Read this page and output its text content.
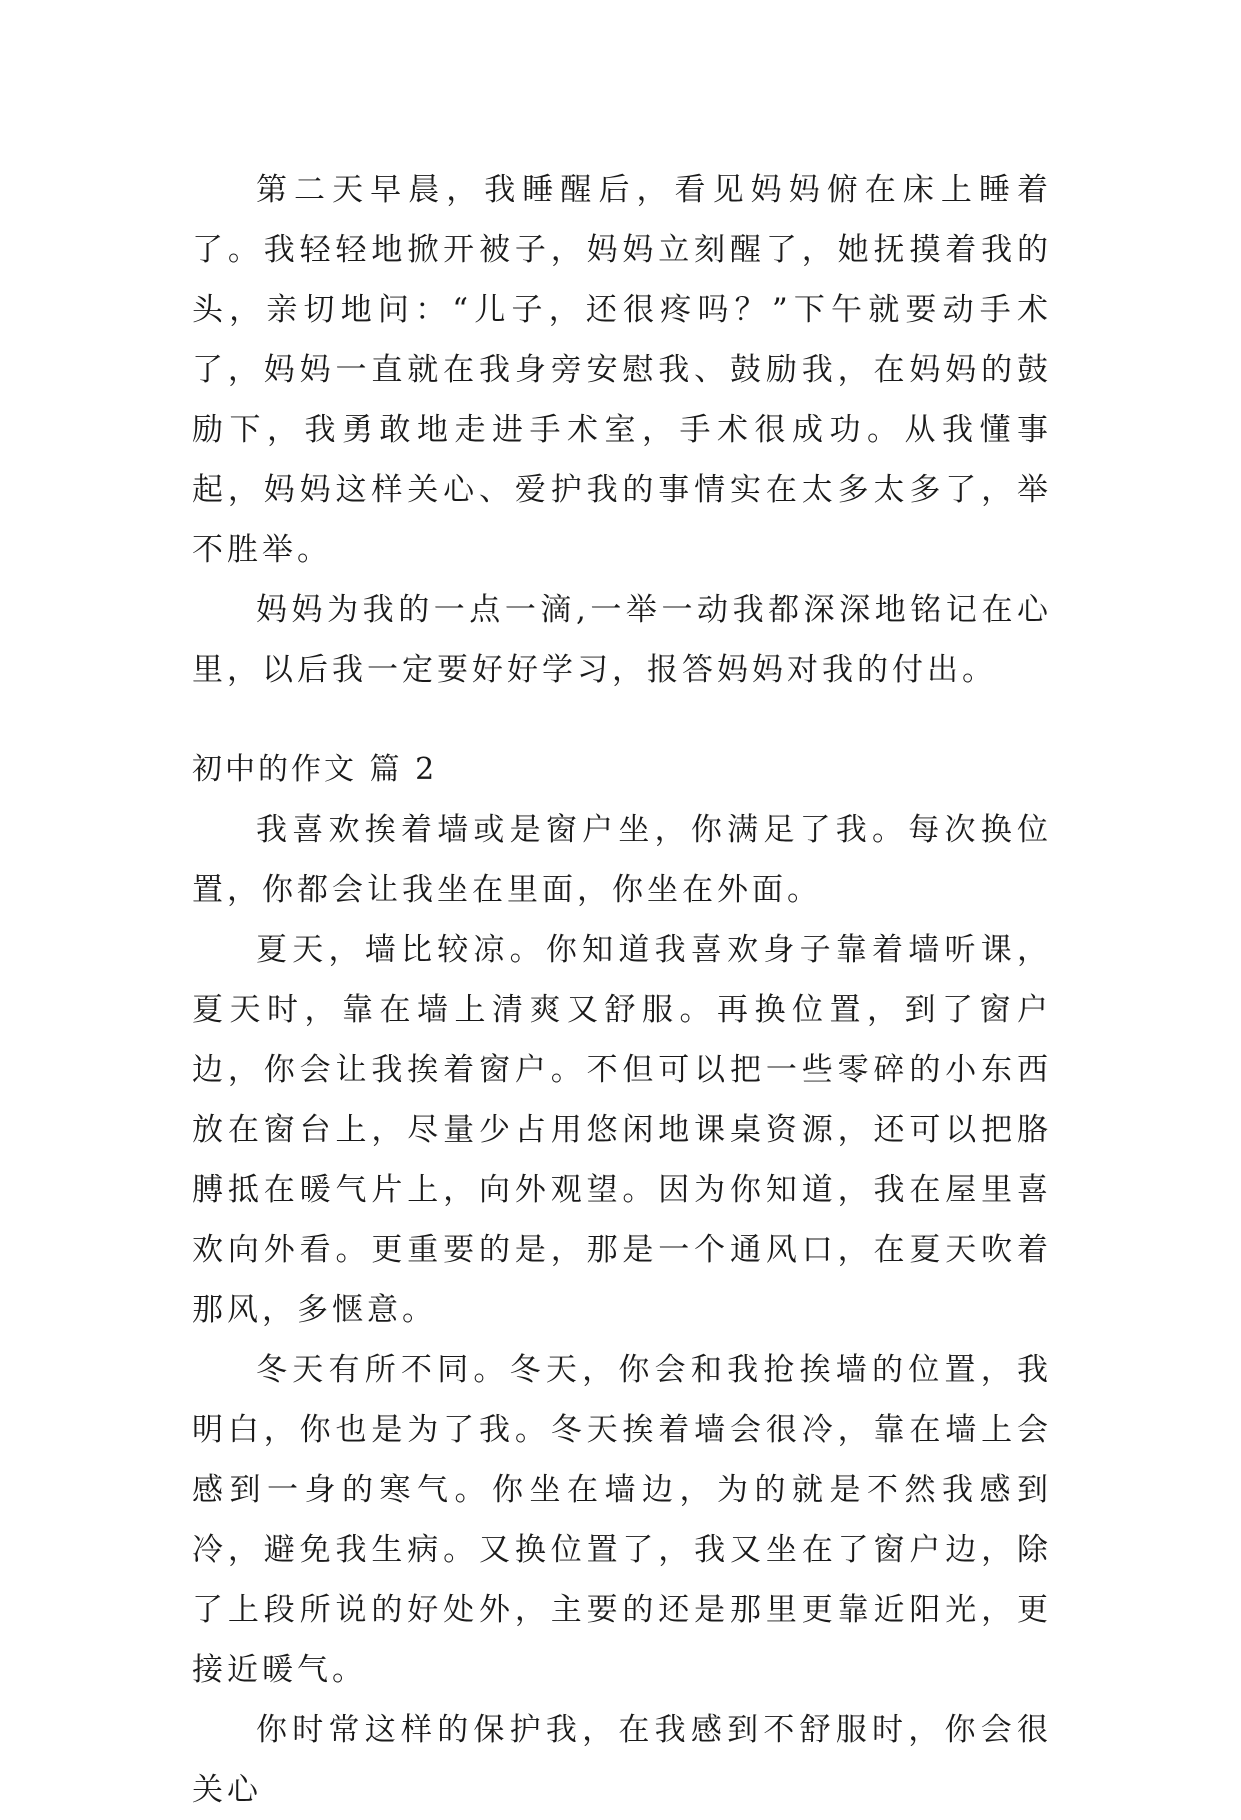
第二天早晨，我睡醒后，看见妈妈俯在床上睡着了。我轻轻地掀开被子，妈妈立刻醒了，她抚摸着我的头，亲切地问：“儿子，还很疼吗？”下午就要动手术了，妈妈一直就在我身旁安慰我、鼓励我，在妈妈的鼓励下，我勇敢地走进手术室，手术很成功。从我懂事起，妈妈这样关心、爱护我的事情实在太多太多了，举不胜举。

妈妈为我的一点一滴,一举一动我都深深地铭记在心里，以后我一定要好好学习，报答妈妈对我的付出。

初中的作文 篇 2

我喜欢挨着墙或是窗户坐，你满足了我。每次换位置，你都会让我坐在里面，你坐在外面。

夏天，墙比较凉。你知道我喜欢身子靠着墙听课，夏天时，靠在墙上清爽又舒服。再换位置，到了窗户边，你会让我挨着窗户。不但可以把一些零碎的小东西放在窗台上，尽量少占用悠闲地课桌资源，还可以把胳膊抵在暖气片上，向外观望。因为你知道，我在屋里喜欢向外看。更重要的是，那是一个通风口，在夏天吹着那风，多惬意。

冬天有所不同。冬天，你会和我抢挨墙的位置，我明白，你也是为了我。冬天挨着墙会很冷，靠在墙上会感到一身的寒气。你坐在墙边，为的就是不然我感到冷，避免我生病。又换位置了，我又坐在了窗户边，除了上段所说的好处外，主要的还是那里更靠近阳光，更接近暖气。

你时常这样的保护我，在我感到不舒服时，你会很关心
